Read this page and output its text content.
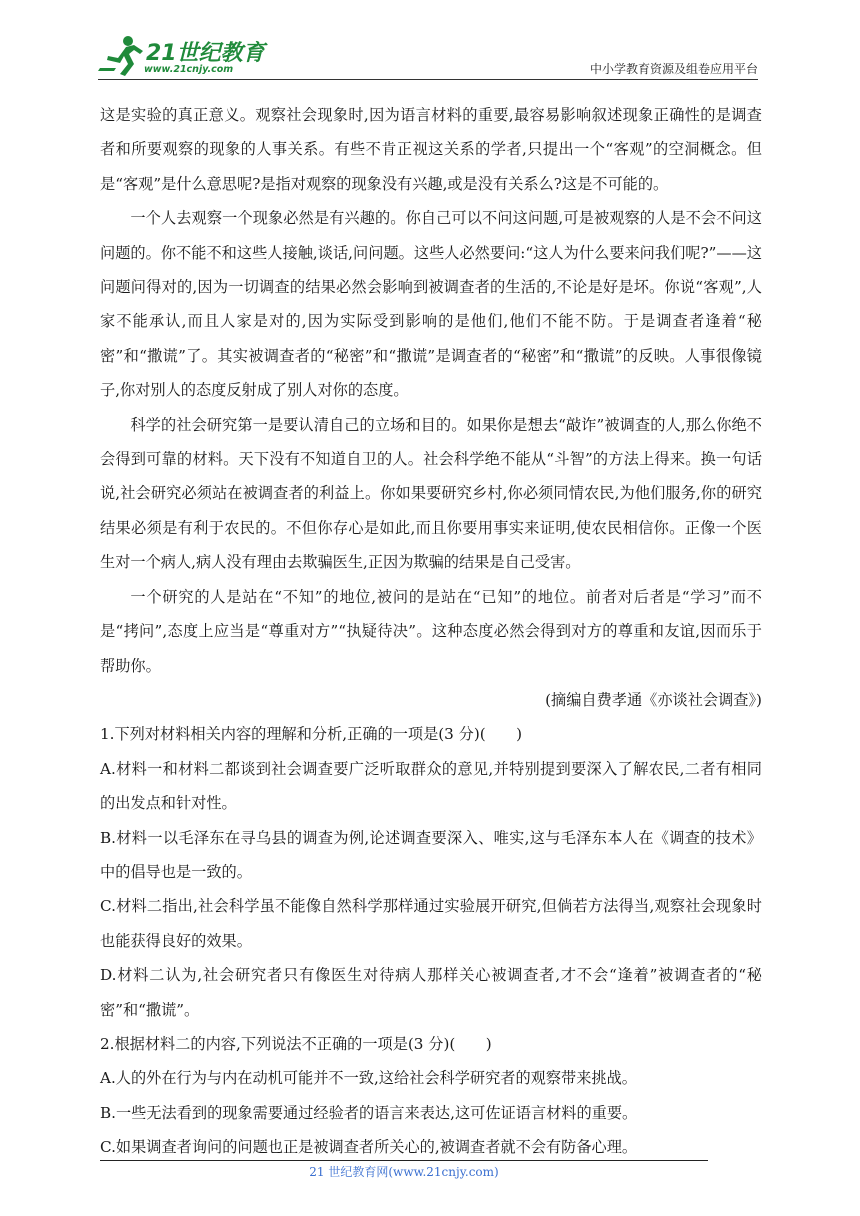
21世纪教育
www.21cnjy.com	中小学教育资源及组卷应用平台

这是实验的真正意义。观察社会现象时,因为语言材料的重要,最容易影响叙述现象正确性的是调查者和所要观察的现象的人事关系。有些不肯正视这关系的学者,只提出一个“客观”的空洞概念。但是“客观”是什么意思呢?是指对观察的现象没有兴趣,或是没有关系么?这是不可能的。

一个人去观察一个现象必然是有兴趣的。你自己可以不问这问题,可是被观察的人是不会不问这问题的。你不能不和这些人接触,谈话,问问题。这些人必然要问:“这人为什么要来问我们呢?”——这问题问得对的,因为一切调查的结果必然会影响到被调查者的生活的,不论是好是坏。你说“客观”,人家不能承认,而且人家是对的,因为实际受到影响的是他们,他们不能不防。于是调查者逢着“秘密”和“撒谎”了。其实被调查者的“秘密”和“撒谎”是调查者的“秘密”和“撒谎”的反映。人事很像镜子,你对别人的态度反射成了别人对你的态度。

科学的社会研究第一是要认清自己的立场和目的。如果你是想去“敲诈”被调查的人,那么你绝不会得到可靠的材料。天下没有不知道自卫的人。社会科学绝不能从“斗智”的方法上得来。换一句话说,社会研究必须站在被调查者的利益上。你如果要研究乡村,你必须同情农民,为他们服务,你的研究结果必须是有利于农民的。不但你存心是如此,而且你要用事实来证明,使农民相信你。正像一个医生对一个病人,病人没有理由去欺骗医生,正因为欺骗的结果是自己受害。

一个研究的人是站在“不知”的地位,被问的是站在“已知”的地位。前者对后者是“学习”而不是“拷问”,态度上应当是“尊重对方”“执疑待决”。这种态度必然会得到对方的尊重和友谊,因而乐于帮助你。

(摘编自费孝通《亦谈社会调查》)

1.下列对材料相关内容的理解和分析,正确的一项是(3 分)(　　)

A.材料一和材料二都谈到社会调查要广泛听取群众的意见,并特别提到要深入了解农民,二者有相同的出发点和针对性。

B.材料一以毛泽东在寻乌县的调查为例,论述调查要深入、唯实,这与毛泽东本人在《调查的技术》中的倡导也是一致的。

C.材料二指出,社会科学虽不能像自然科学那样通过实验展开研究,但倘若方法得当,观察社会现象时也能获得良好的效果。

D.材料二认为,社会研究者只有像医生对待病人那样关心被调查者,才不会“逢着”被调查者的“秘密”和“撒谎”。

2.根据材料二的内容,下列说法不正确的一项是(3 分)(　　)

A.人的外在行为与内在动机可能并不一致,这给社会科学研究者的观察带来挑战。

B.一些无法看到的现象需要通过经验者的语言来表达,这可佐证语言材料的重要。

C.如果调查者询问的问题也正是被调查者所关心的,被调查者就不会有防备心理。

21 世纪教育网(www.21cnjy.com)
